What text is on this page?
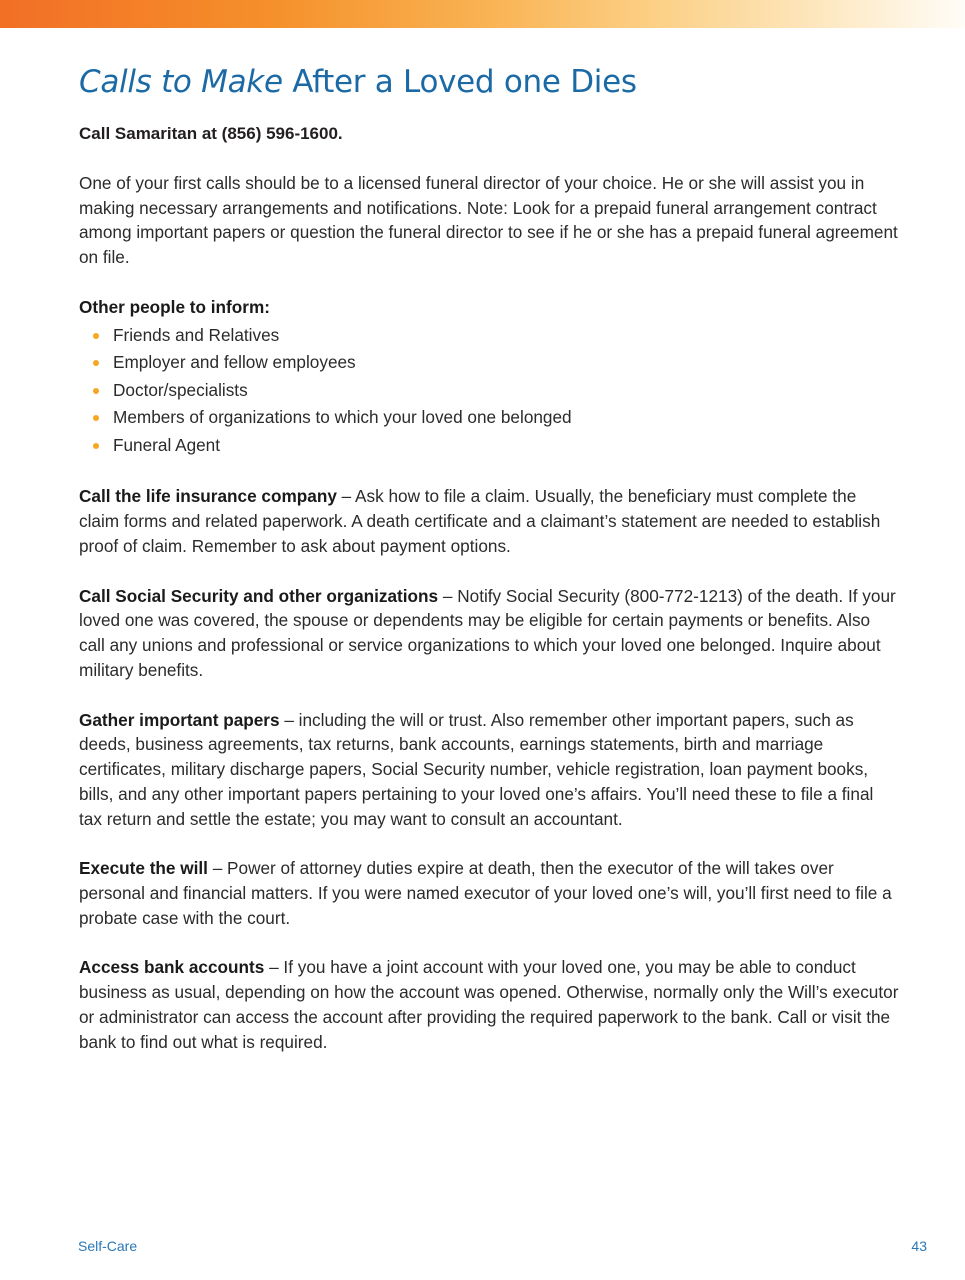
Calls to Make After a Loved one Dies

Call Samaritan at (856) 596-1600.

One of your first calls should be to a licensed funeral director of your choice. He or she will assist you in making necessary arrangements and notifications. Note: Look for a prepaid funeral arrangement contract among important papers or question the funeral director to see if he or she has a prepaid funeral agreement on file.

Other people to inform:

Friends and Relatives
Employer and fellow employees
Doctor/specialists
Members of organizations to which your loved one belonged
Funeral Agent

Call the life insurance company – Ask how to file a claim. Usually, the beneficiary must complete the claim forms and related paperwork. A death certificate and a claimant’s statement are needed to establish proof of claim. Remember to ask about payment options.

Call Social Security and other organizations – Notify Social Security (800-772-1213) of the death. If your loved one was covered, the spouse or dependents may be eligible for certain payments or benefits. Also call any unions and professional or service organizations to which your loved one belonged. Inquire about military benefits.

Gather important papers – including the will or trust. Also remember other important papers, such as deeds, business agreements, tax returns, bank accounts, earnings statements, birth and marriage certificates, military discharge papers, Social Security number, vehicle registration, loan payment books, bills, and any other important papers pertaining to your loved one’s affairs. You’ll need these to file a final tax return and settle the estate; you may want to consult an accountant.

Execute the will – Power of attorney duties expire at death, then the executor of the will takes over personal and financial matters. If you were named executor of your loved one’s will, you’ll first need to file a probate case with the court.

Access bank accounts – If you have a joint account with your loved one, you may be able to conduct business as usual, depending on how the account was opened. Otherwise, normally only the Will’s executor or administrator can access the account after providing the required paperwork to the bank. Call or visit the bank to find out what is required.

Self-Care	43
